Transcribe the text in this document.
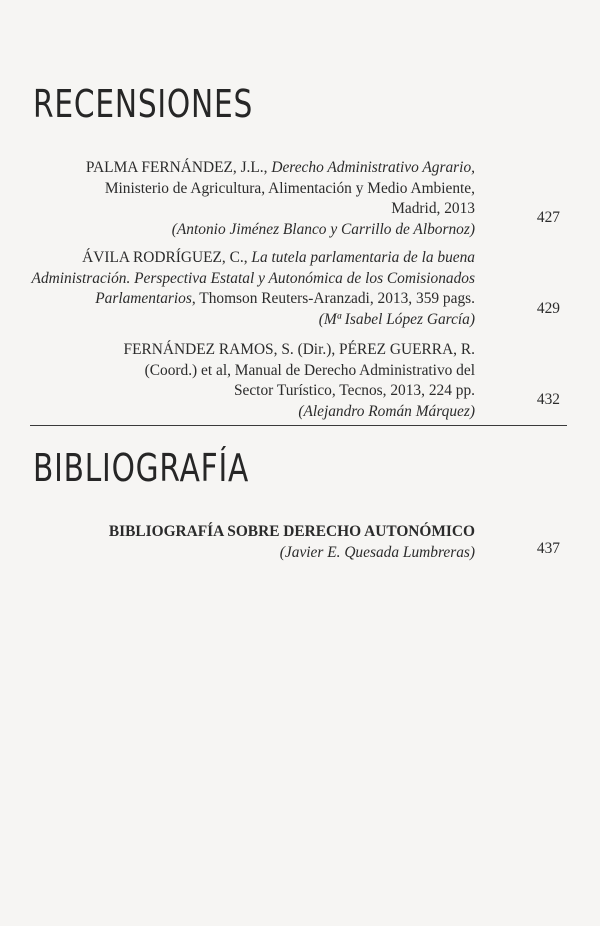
RECENSIONES
PALMA FERNÁNDEZ, J.L., Derecho Administrativo Agrario,
Ministerio de Agricultura, Alimentación y Medio Ambiente,
Madrid, 2013
(Antonio Jiménez Blanco y Carrillo de Albornoz)
427
ÁVILA RODRÍGUEZ, C., La tutela parlamentaria de la buena
Administración. Perspectiva Estatal y Autonómica de los Comisionados
Parlamentarios, Thomson Reuters-Aranzadi, 2013, 359 pags.
(Mª Isabel López García)
429
FERNÁNDEZ RAMOS, S. (Dir.), PÉREZ GUERRA, R.
(Coord.) et al, Manual de Derecho Administrativo del
Sector Turístico, Tecnos, 2013, 224 pp.
(Alejandro Román Márquez)
432
BIBLIOGRAFÍA
BIBLIOGRAFÍA SOBRE DERECHO AUTONÓMICO
(Javier E. Quesada Lumbreras)	437
